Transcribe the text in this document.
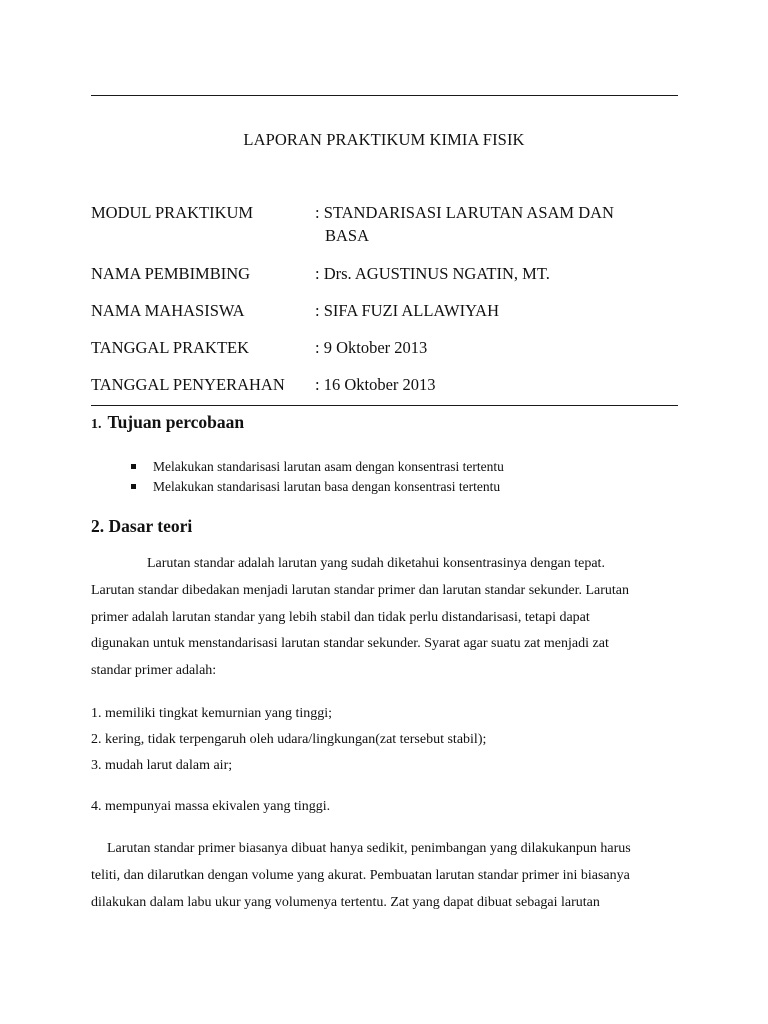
LAPORAN PRAKTIKUM KIMIA FISIK
MODUL PRAKTIKUM	: STANDARISASI LARUTAN ASAM DAN
BASA
NAMA PEMBIMBING	: Drs. AGUSTINUS NGATIN, MT.
NAMA MAHASISWA	: SIFA FUZI ALLAWIYAH
TANGGAL PRAKTEK	: 9 Oktober 2013
TANGGAL PENYERAHAN : 16 Oktober 2013
1. Tujuan percobaan
Melakukan standarisasi larutan asam dengan konsentrasi tertentu
Melakukan standarisasi larutan basa dengan konsentrasi tertentu
2. Dasar teori
Larutan standar adalah larutan yang sudah diketahui konsentrasinya dengan tepat.
Larutan standar dibedakan menjadi larutan standar primer dan larutan standar sekunder. Larutan
primer adalah larutan standar yang lebih stabil dan tidak perlu distandarisasi, tetapi dapat
digunakan untuk menstandarisasi larutan standar sekunder. Syarat agar suatu zat menjadi zat
standar primer adalah:
1. memiliki tingkat kemurnian yang tinggi;
2. kering, tidak terpengaruh oleh udara/lingkungan(zat tersebut stabil);
3. mudah larut dalam air;
4. mempunyai massa ekivalen yang tinggi.
Larutan standar primer biasanya dibuat hanya sedikit, penimbangan yang dilakukanpun harus
teliti, dan dilarutkan dengan volume yang akurat. Pembuatan larutan standar primer ini biasanya
dilakukan dalam labu ukur yang volumenya tertentu. Zat yang dapat dibuat sebagai larutan
